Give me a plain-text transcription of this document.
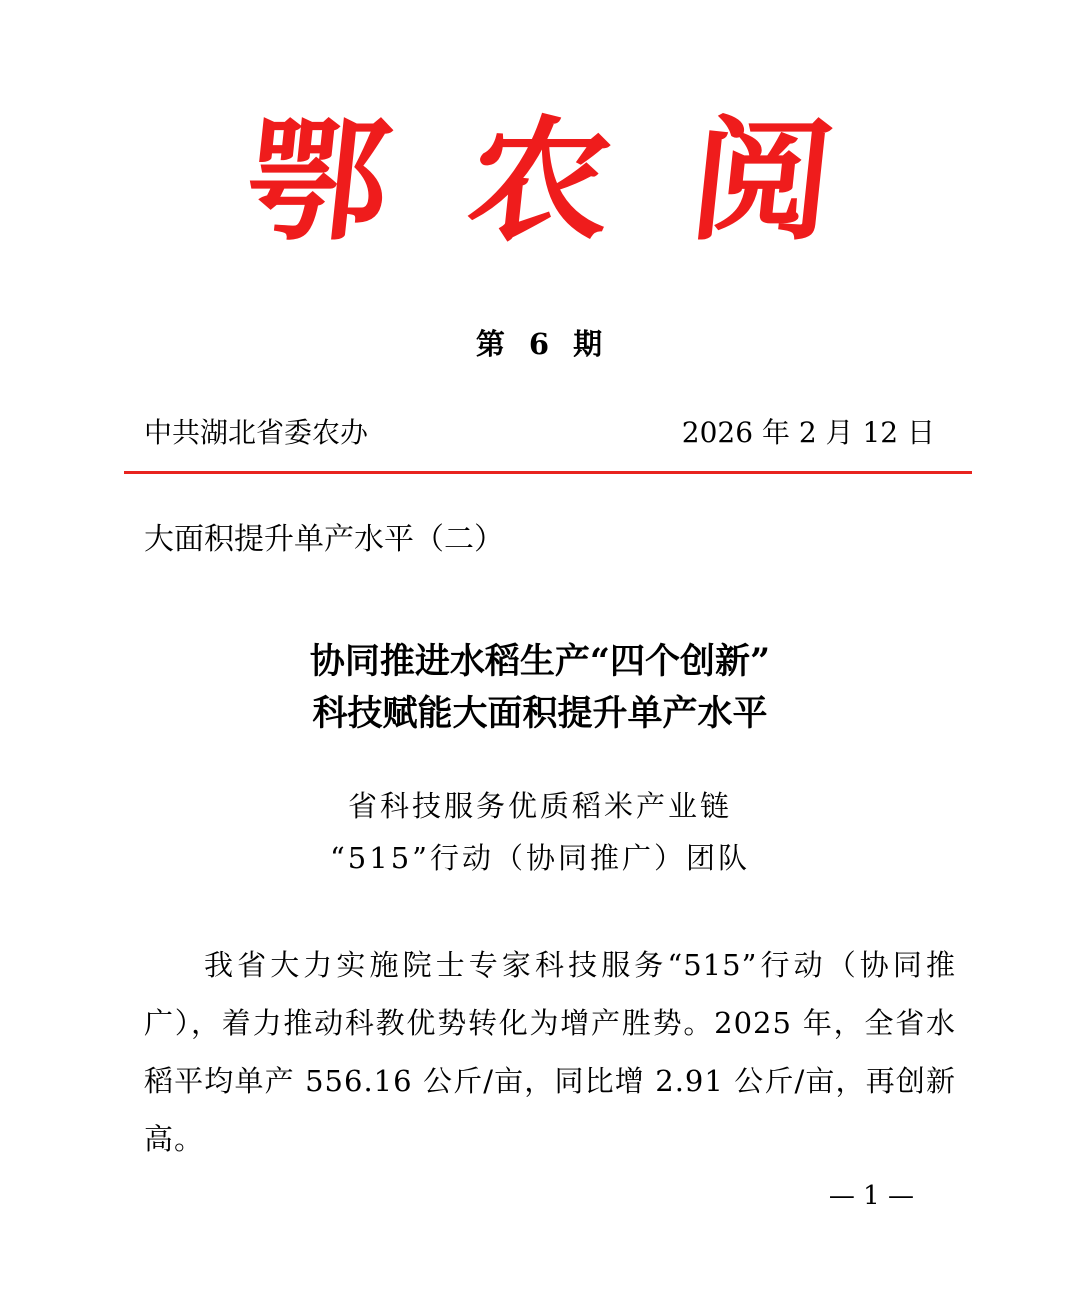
鄂 农 阅
第 6 期
中共湖北省委农办	2026 年 2 月 12 日
大面积提升单产水平（二）
协同推进水稻生产“四个创新”
科技赋能大面积提升单产水平
省科技服务优质稻米产业链
“515”行动（协同推广）团队

我省大力实施院士专家科技服务“515”行动（协同推广），着力推动科教优势转化为增产胜势。2025 年，全省水稻平均单产 556.16 公斤/亩，同比增 2.91 公斤/亩，再创新高。

— 1 —
